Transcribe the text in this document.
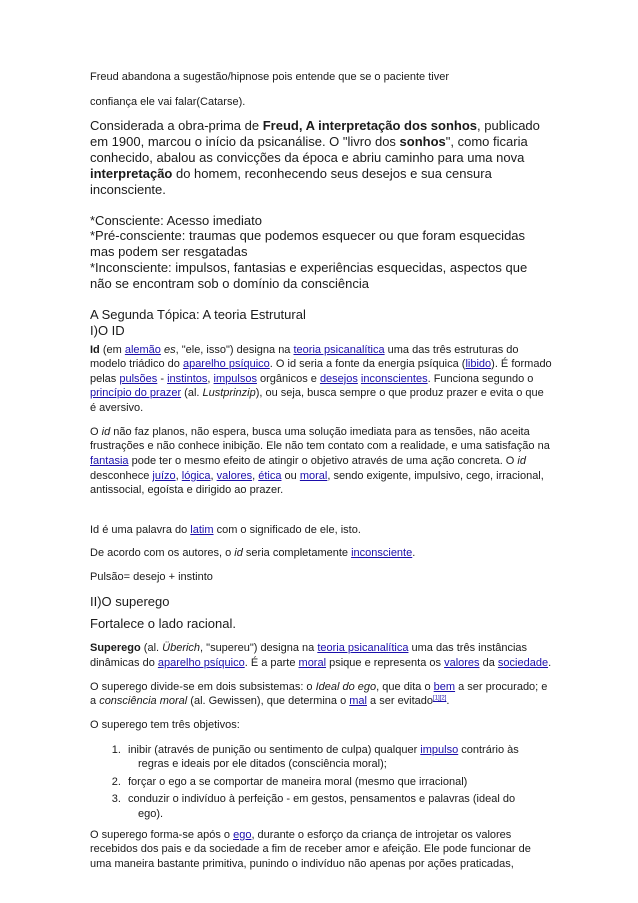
Freud abandona a sugestão/hipnose pois entende que se o paciente tiver
confiança ele vai falar(Catarse).

Considerada a obra-prima de Freud, A interpretação dos sonhos, publicado em 1900, marcou o início da psicanálise. O "livro dos sonhos", como ficaria conhecido, abalou as convicções da época e abriu caminho para uma nova interpretação do homem, reconhecendo seus desejos e sua censura inconsciente.

*Consciente: Acesso imediato

*Pré-consciente: traumas que podemos esquecer ou que foram esquecidas mas podem ser resgatadas

*Inconsciente: impulsos, fantasias e experiências esquecidas, aspectos que não se encontram sob o domínio da consciência

A Segunda Tópica: A teoria Estrutural

I)O ID

Id (em alemão es, "ele, isso") designa na teoria psicanalítica uma das três estruturas do modelo triádico do aparelho psíquico. O id seria a fonte da energia psíquica (libido). É formado pelas pulsões - instintos, impulsos orgânicos e desejos inconscientes. Funciona segundo o princípio do prazer (al. Lustprinzip), ou seja, busca sempre o que produz prazer e evita o que é aversivo.

O id não faz planos, não espera, busca uma solução imediata para as tensões, não aceita frustrações e não conhece inibição. Ele não tem contato com a realidade, e uma satisfação na fantasia pode ter o mesmo efeito de atingir o objetivo através de uma ação concreta. O id desconhece juízo, lógica, valores, ética ou moral, sendo exigente, impulsivo, cego, irracional, antissocial, egoísta e dirigido ao prazer.

Id é uma palavra do latim com o significado de ele, isto.

De acordo com os autores, o id seria completamente inconsciente.

Pulsão= desejo + instinto

II)O superego

Fortalece o lado racional.

Superego (al. Überich, "supereu") designa na teoria psicanalítica uma das três instâncias dinâmicas do aparelho psíquico. É a parte moral psique e representa os valores da sociedade.

O superego divide-se em dois subsistemas: o Ideal do ego, que dita o bem a ser procurado; e a consciência moral (al. Gewissen), que determina o mal a ser evitado[1][2].

O superego tem três objetivos:

1. inibir (através de punição ou sentimento de culpa) qualquer impulso contrário às
regras e ideais por ele ditados (consciência moral);
2. forçar o ego a se comportar de maneira moral (mesmo que irracional)
3. conduzir o indivíduo à perfeição - em gestos, pensamentos e palavras (ideal do
ego).

O superego forma-se após o ego, durante o esforço da criança de introjetar os valores recebidos dos pais e da sociedade a fim de receber amor e afeição. Ele pode funcionar de uma maneira bastante primitiva, punindo o indivíduo não apenas por ações praticadas,
